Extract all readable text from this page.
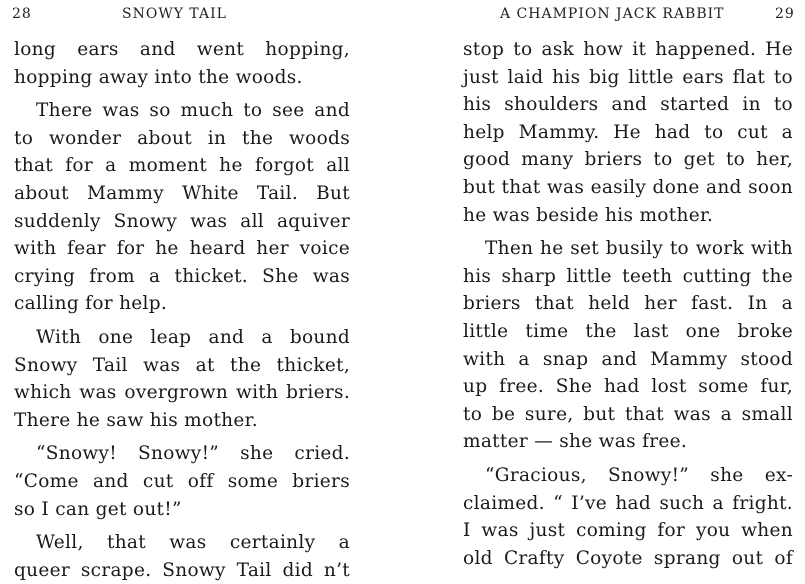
28	SNOWY TAIL
long ears and went hopping,
hopping away into the woods.
There was so much to see and
to wonder about in the woods
that for a moment he forgot all
about Mammy White Tail. But
suddenly Snowy was all aquiver
with fear for he heard her voice
crying from a thicket. She was
calling for help.
With one leap and a bound
Snowy Tail was at the thicket,
which was overgrown with briers.
There he saw his mother.
“Snowy! Snowy!” she cried.
“Come and cut off some briers
so I can get out!”
Well, that was certainly a
queer scrape. Snowy Tail did n’t
A CHAMPION JACK RABBIT	29
stop to ask how it happened. He
just laid his big little ears flat to
his shoulders and started in to
help Mammy. He had to cut a
good many briers to get to her,
but that was easily done and soon
he was beside his mother.
Then he set busily to work with
his sharp little teeth cutting the
briers that held her fast. In a
little time the last one broke
with a snap and Mammy stood
up free. She had lost some fur,
to be sure, but that was a small
matter — she was free.
“Gracious, Snowy!” she ex-
claimed. “ I’ve had such a fright.
I was just coming for you when
old Crafty Coyote sprang out of
